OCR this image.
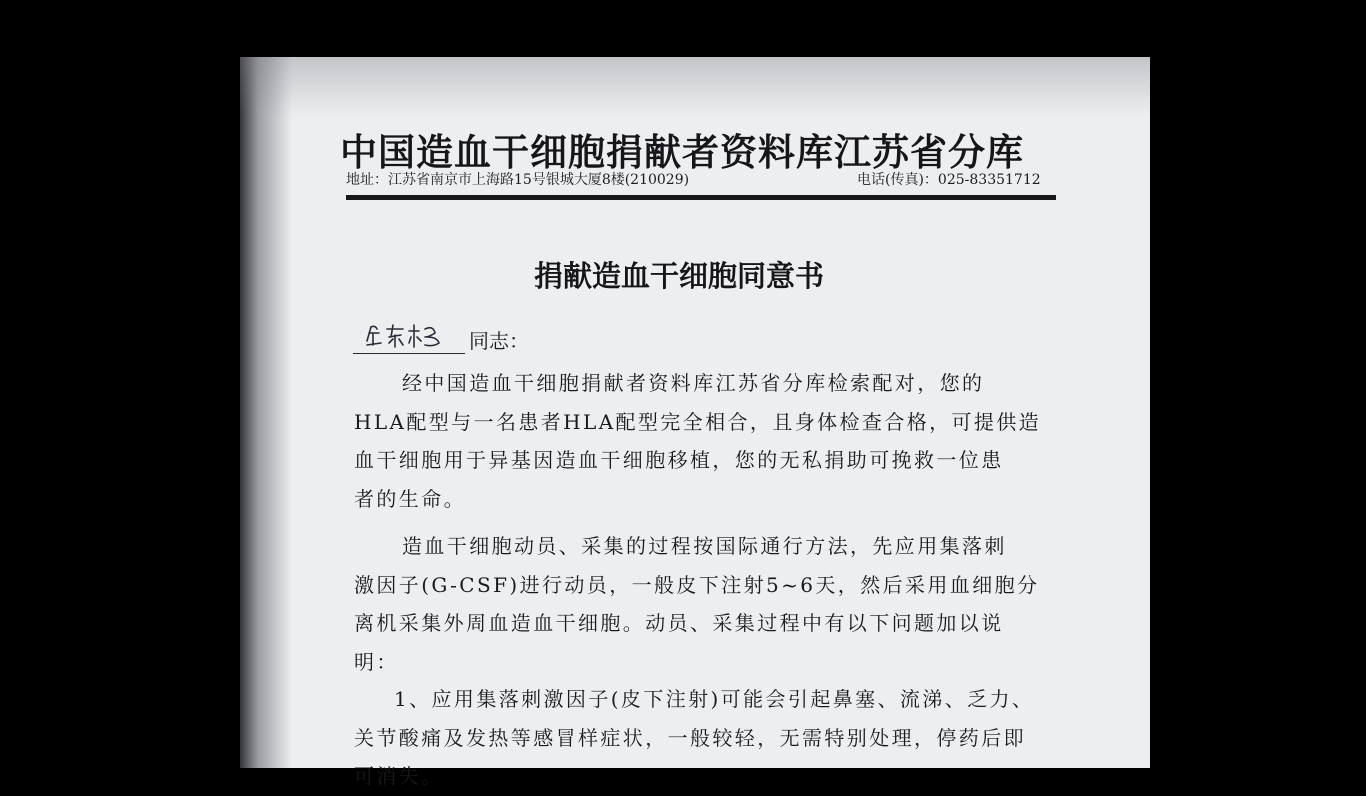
中国造血干细胞捐献者资料库江苏省分库
地址：江苏省南京市上海路15号银城大厦8楼(210029)	电话(传真)：025-83351712
捐献造血干细胞同意书
同志：
经中国造血干细胞捐献者资料库江苏省分库检索配对，您的
HLA配型与一名患者HLA配型完全相合，且身体检查合格，可提供造
血干细胞用于异基因造血干细胞移植，您的无私捐助可挽救一位患
者的生命。
造血干细胞动员、采集的过程按国际通行方法，先应用集落刺
激因子(G-CSF)进行动员，一般皮下注射5~6天，然后采用血细胞分
离机采集外周血造血干细胞。动员、采集过程中有以下问题加以说
明：
1、应用集落刺激因子(皮下注射)可能会引起鼻塞、流涕、乏力、
关节酸痛及发热等感冒样症状，一般较轻，无需特别处理，停药后即
可消失。
